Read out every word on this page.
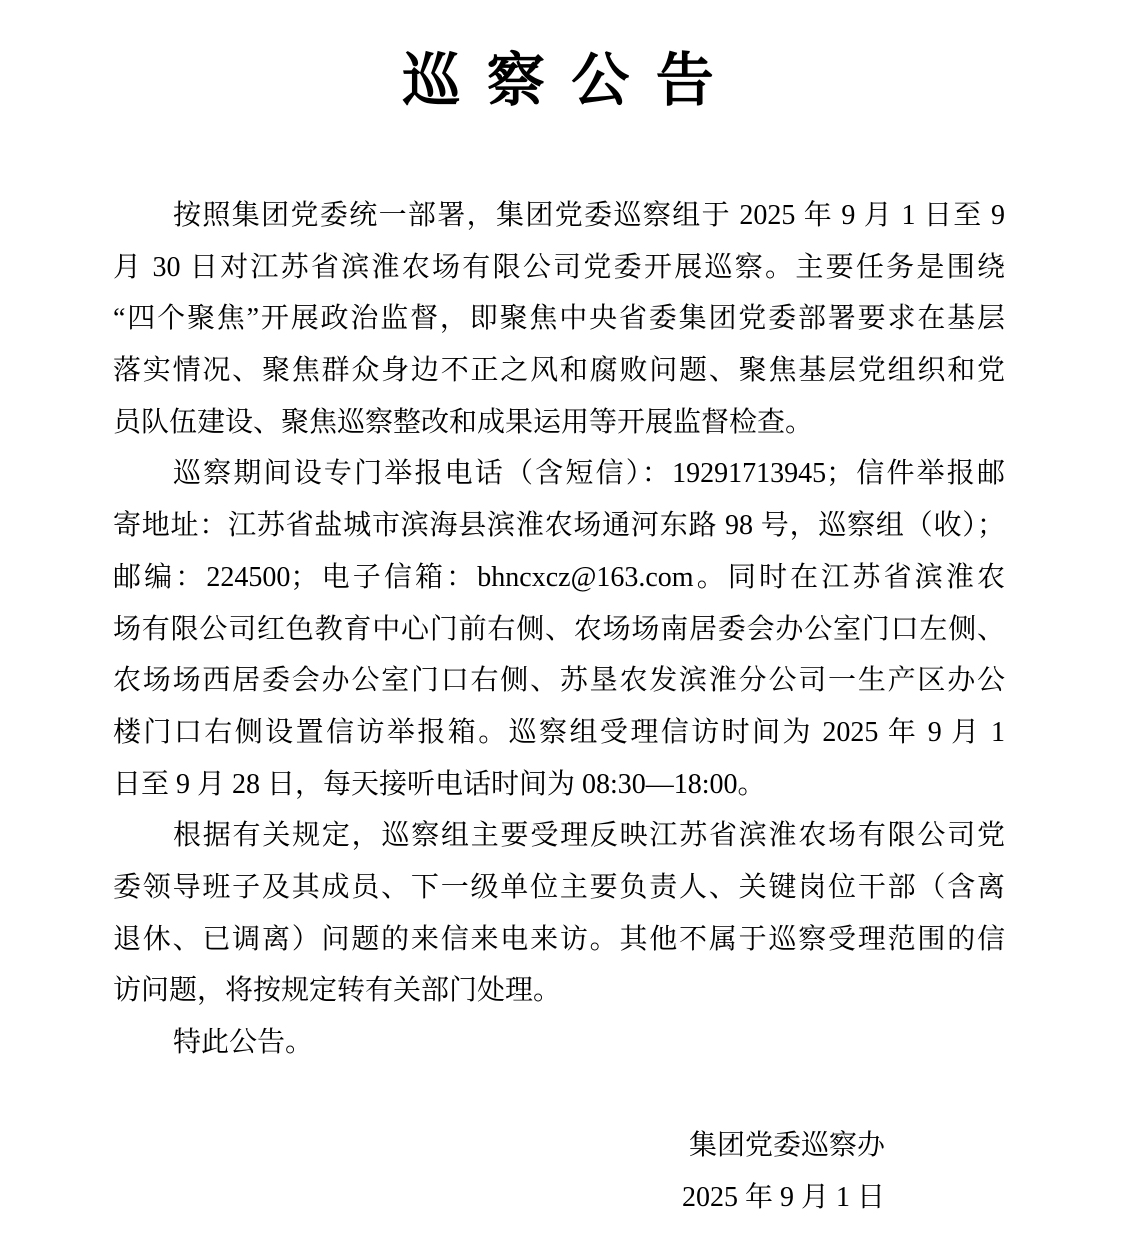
巡 察 公 告
按照集团党委统一部署，集团党委巡察组于 2025 年 9 月 1 日至 9
月 30 日对江苏省滨淮农场有限公司党委开展巡察。主要任务是围绕
“四个聚焦”开展政治监督，即聚焦中央省委集团党委部署要求在基层
落实情况、聚焦群众身边不正之风和腐败问题、聚焦基层党组织和党
员队伍建设、聚焦巡察整改和成果运用等开展监督检查。
巡察期间设专门举报电话（含短信）：19291713945；信件举报邮
寄地址：江苏省盐城市滨海县滨淮农场通河东路 98 号，巡察组（收）；
邮编：224500；电子信箱：bhncxcz@163.com。同时在江苏省滨淮农
场有限公司红色教育中心门前右侧、农场场南居委会办公室门口左侧、
农场场西居委会办公室门口右侧、苏垦农发滨淮分公司一生产区办公
楼门口右侧设置信访举报箱。巡察组受理信访时间为 2025 年 9 月 1
日至 9 月 28 日，每天接听电话时间为 08:30—18:00。
根据有关规定，巡察组主要受理反映江苏省滨淮农场有限公司党
委领导班子及其成员、下一级单位主要负责人、关键岗位干部（含离
退休、已调离）问题的来信来电来访。其他不属于巡察受理范围的信
访问题，将按规定转有关部门处理。
特此公告。
集团党委巡察办
2025 年 9 月 1 日
